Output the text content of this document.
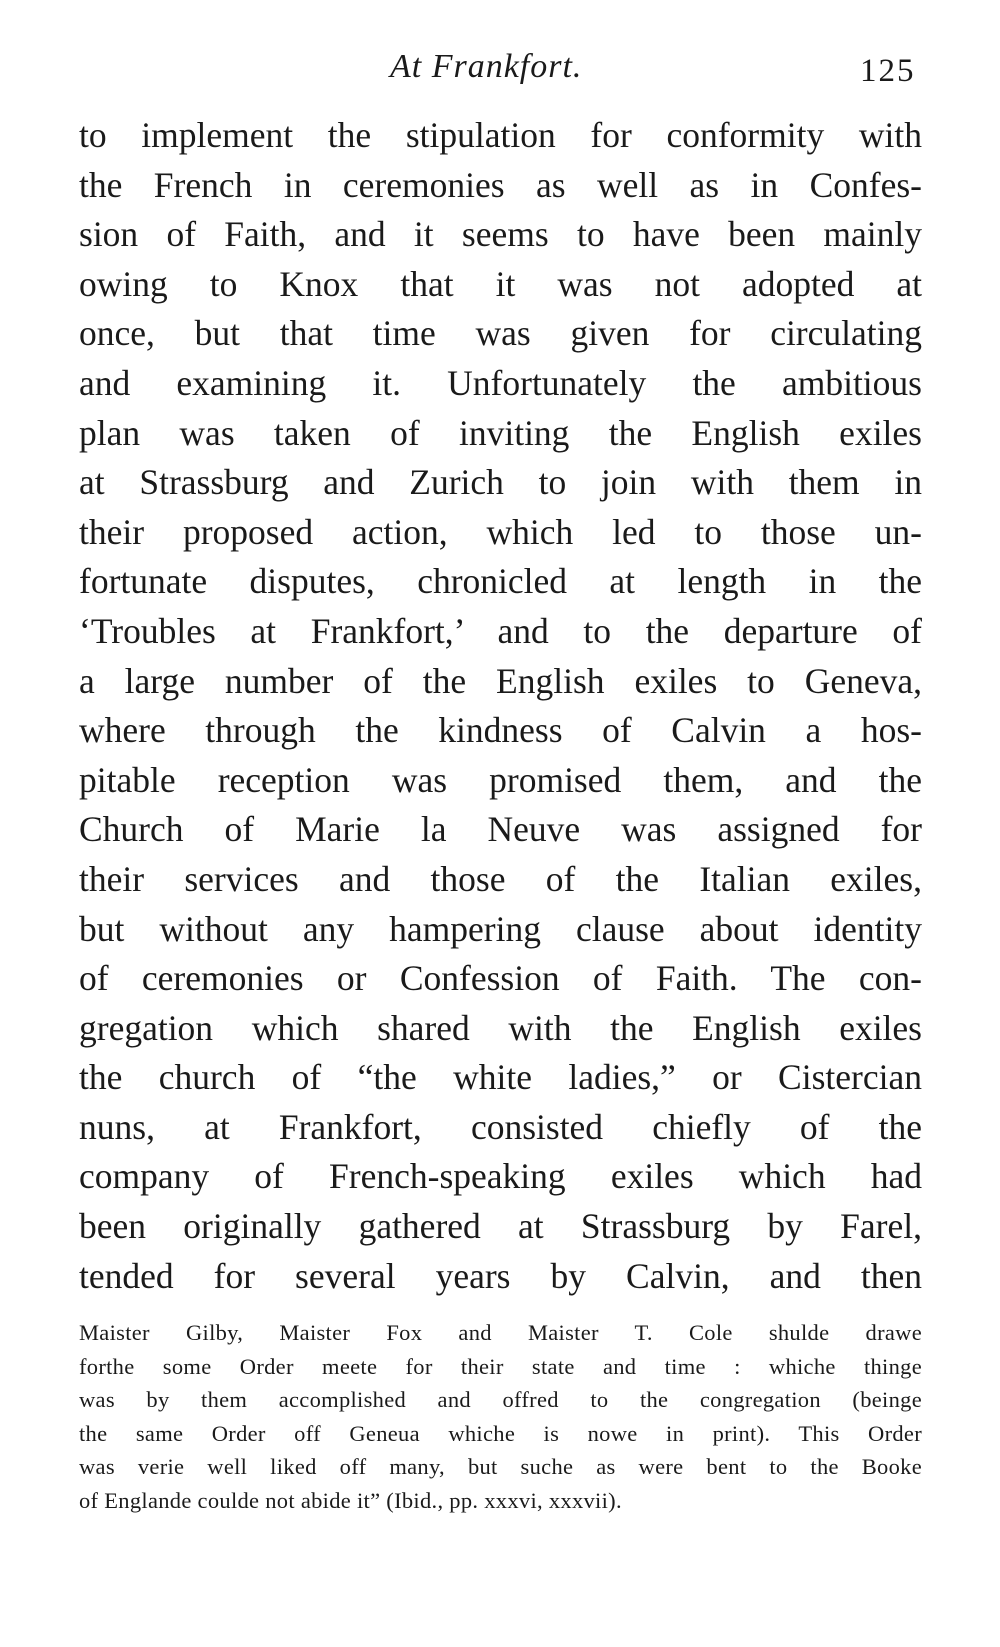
At Frankfort.	125
to implement the stipulation for conformity with
the French in ceremonies as well as in Confes-
sion of Faith, and it seems to have been mainly
owing to Knox that it was not adopted at
once, but that time was given for circulating
and examining it. Unfortunately the ambitious
plan was taken of inviting the English exiles
at Strassburg and Zurich to join with them in
their proposed action, which led to those un-
fortunate disputes, chronicled at length in the
‘Troubles at Frankfort,’ and to the departure of
a large number of the English exiles to Geneva,
where through the kindness of Calvin a hos-
pitable reception was promised them, and the
Church of Marie la Neuve was assigned for
their services and those of the Italian exiles,
but without any hampering clause about identity
of ceremonies or Confession of Faith. The con-
gregation which shared with the English exiles
the church of “the white ladies,” or Cistercian
nuns, at Frankfort, consisted chiefly of the
company of French-speaking exiles which had
been originally gathered at Strassburg by Farel,
tended for several years by Calvin, and then
Maister Gilby, Maister Fox and Maister T. Cole shulde drawe
forthe some Order meete for their state and time : whiche thinge
was by them accomplished and offred to the congregation (beinge
the same Order off Geneua whiche is nowe in print). This Order
was verie well liked off many, but suche as were bent to the Booke
of Englande coulde not abide it” (Ibid., pp. xxxvi, xxxvii).
